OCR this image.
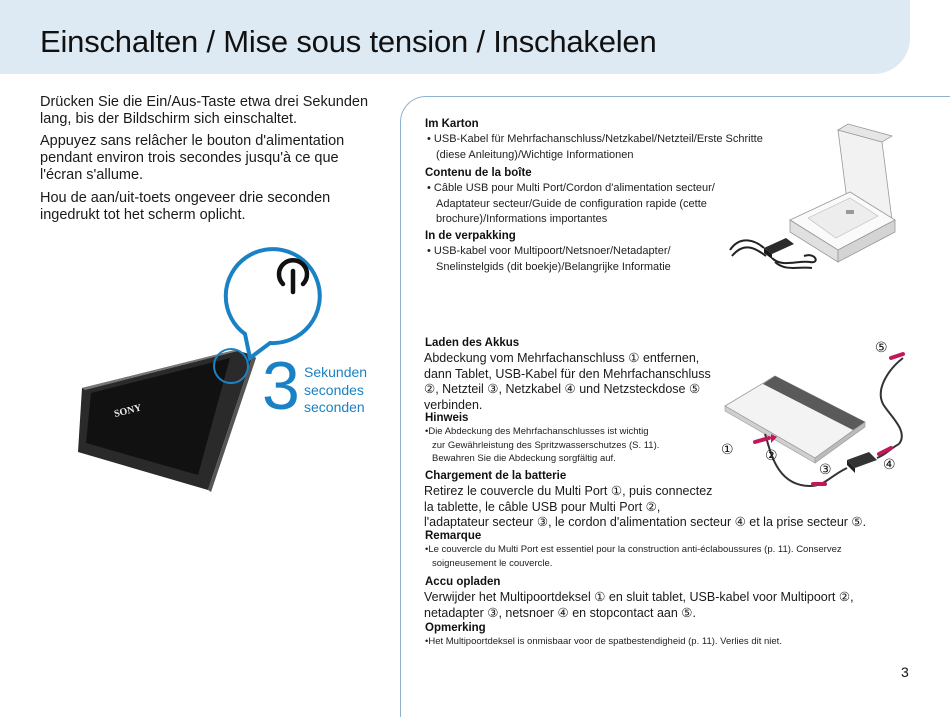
Einschalten / Mise sous tension / Inschakelen
Drücken Sie die Ein/Aus-Taste etwa drei Sekunden
lang, bis der Bildschirm sich einschaltet.
Appuyez sans relâcher le bouton d'alimentation
pendant environ trois secondes jusqu'à ce que
l'écran s'allume.
Hou de aan/uit-toets ongeveer drie seconden
ingedrukt tot het scherm oplicht.
SONY 3 Sekunden
secondes
seconden
Im Karton
• USB-Kabel für Mehrfachanschluss/Netzkabel/Netzteil/Erste Schritte
(diese Anleitung)/Wichtige Informationen
Contenu de la boîte
• Câble USB pour Multi Port/Cordon d'alimentation secteur/
Adaptateur secteur/Guide de configuration rapide (cette
brochure)/Informations importantes
In de verpakking
• USB-kabel voor Multipoort/Netsnoer/Netadapter/
Snelinstelgids (dit boekje)/Belangrijke Informatie
Laden des Akkus
Abdeckung vom Mehrfachanschluss ① entfernen,
dann Tablet, USB-Kabel für den Mehrfachanschluss
②, Netzteil ③, Netzkabel ④ und Netzsteckdose ⑤
verbinden.
Hinweis
• Die Abdeckung des Mehrfachanschlusses ist wichtig
zur Gewährleistung des Spritzwasserschutzes (S. 11).
Bewahren Sie die Abdeckung sorgfältig auf.
Chargement de la batterie
Retirez le couvercle du Multi Port ①, puis connectez
la tablette, le câble USB pour Multi Port ②,
l'adaptateur secteur ③, le cordon d'alimentation secteur ④ et la prise secteur ⑤.
Remarque
• Le couvercle du Multi Port est essentiel pour la construction anti-éclaboussures (p. 11). Conservez
soigneusement le couvercle.
Accu opladen
Verwijder het Multipoortdeksel ① en sluit tablet, USB-kabel voor Multipoort ②,
netadapter ③, netsnoer ④ en stopcontact aan ⑤.
Opmerking
• Het Multipoortdeksel is onmisbaar voor de spatbestendigheid (p. 11). Verlies dit niet.
① ②
③	④
⑤
3
